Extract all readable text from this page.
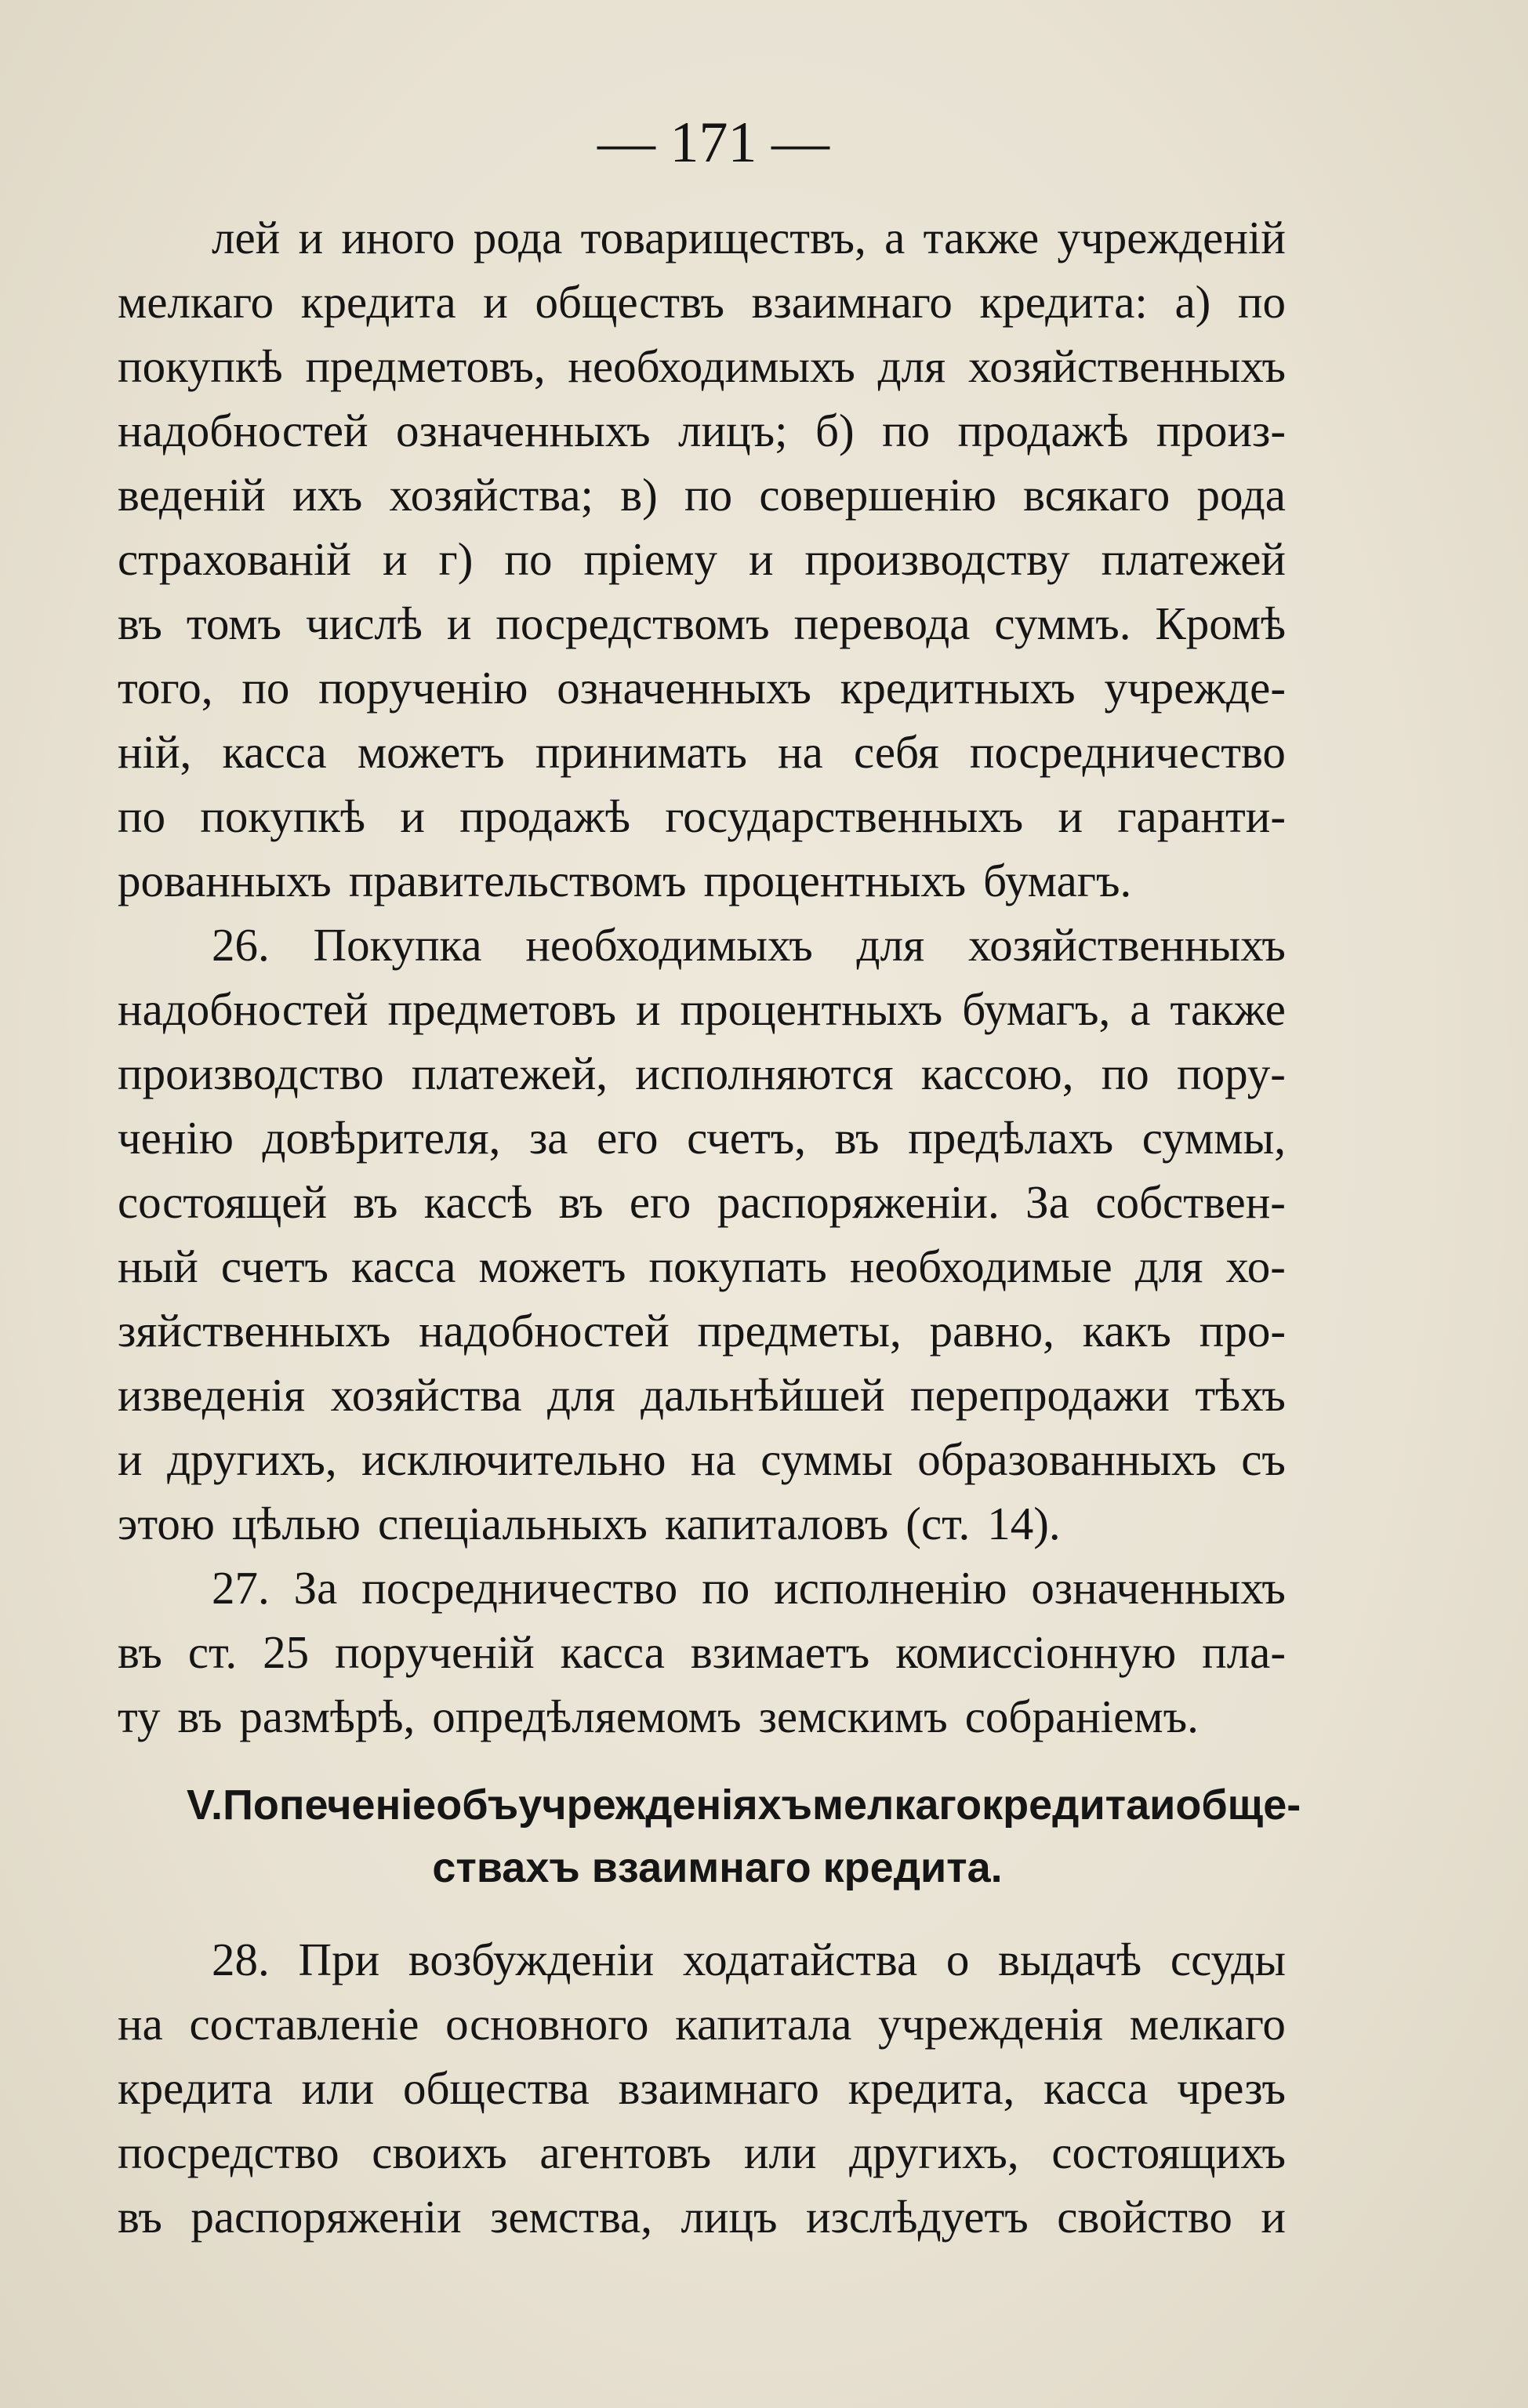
— 171 —
лей и иного рода товарищеcтвъ, а также учрежденій
мелкаго кредита и обществъ взаимнаго кредита: а) по
покупкѣ предметовъ, необходимыхъ для хозяйственныхъ
надобностей означенныхъ лицъ; б) по продажѣ произ-
веденій ихъ хозяйства; в) по совершенію всякаго рода
страхованій и г) по пріему и производству платежей
въ томъ числѣ и посредствомъ перевода суммъ. Кромѣ
того, по порученію означенныхъ кредитныхъ учрежде-
ній, касса можетъ принимать на себя посредничество
по покупкѣ и продажѣ государственныхъ и гаранти-
рованныхъ правительствомъ процентныхъ бумагъ.
26. Покупка необходимыхъ для хозяйственныхъ
надобностей предметовъ и процентныхъ бумагъ, а также
производство платежей, исполняются кассою, по пору-
ченію довѣрителя, за его счетъ, въ предѣлахъ суммы,
состоящей въ кассѣ въ его распоряженіи. За собствен-
ный счетъ касса можетъ покупать необходимые для хо-
зяйственныхъ надобностей предметы, равно, какъ про-
изведенія хозяйства для дальнѣйшей перепродажи тѣхъ
и другихъ, исключительно на суммы образованныхъ съ
этою цѣлью спеціальныхъ капиталовъ (ст. 14).
27. За посредничество по исполненію означенныхъ
въ ст. 25 порученій касса взимаетъ комиссіонную пла-
ту въ размѣрѣ, опредѣляемомъ земскимъ собраніемъ.
V. Попеченіе объ учрежденіяхъ мелкаго кредита и обще-
ствахъ взаимнаго кредита.
28. При возбужденіи ходатайства о выдачѣ ссуды
на составленіе основного капитала учрежденія мелкаго
кредита или общества взаимнаго кредита, касса чрезъ
посредство своихъ агентовъ или другихъ, состоящихъ
въ распоряженіи земства, лицъ изслѣдуетъ свойство и
